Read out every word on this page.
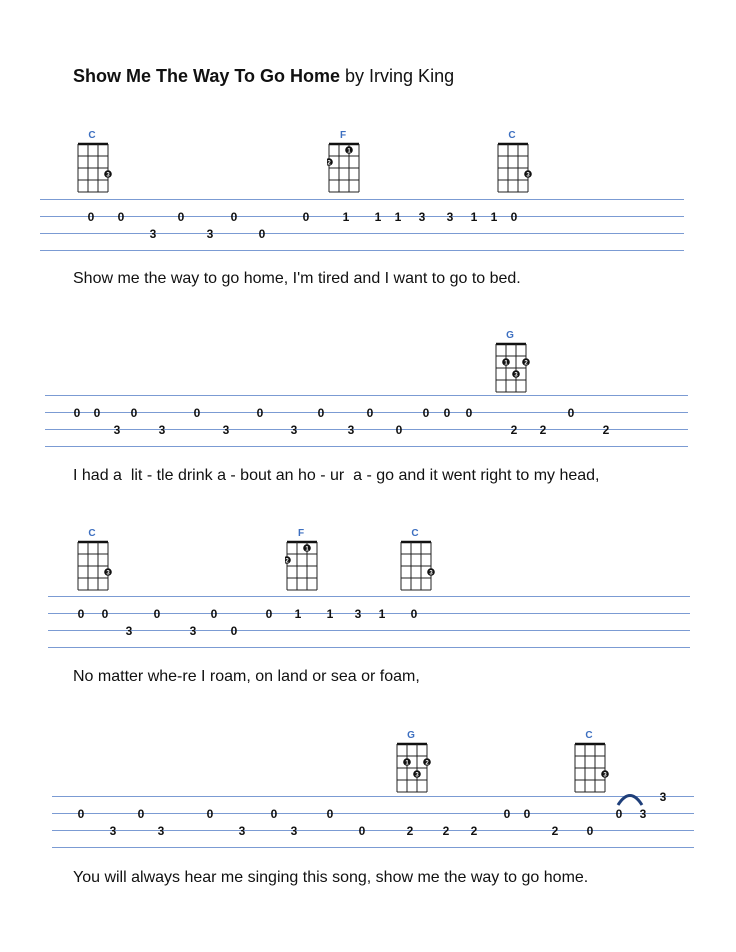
Show Me The Way To Go Home by Irving King
C
3
F
2
1
C
3
0 0
3
0
3
0
0
0	1 1 1 3 3 1 1 0
Show me the way to go home, I'm tired and I want to go to bed.
G
1
3
2
0 0
3
0
3
0
3
0
3
0
3
0
0
0 0 0
2 2
0
2
I had a  lit - tle drink a - bout an ho - ur  a - go and it went right to my head,
C
3
F
2
1
C
3
0 0
3
0
3
0
0
0 1 1 3 1 0
No matter whe-re I roam, on land or sea or foam,
G
1
3
2
C
3
0
3
0
3
0
3
0
3
0
0	2 2 2
0 0
2 0
0 3
3
You will always hear me singing this song, show me the way to go home.
